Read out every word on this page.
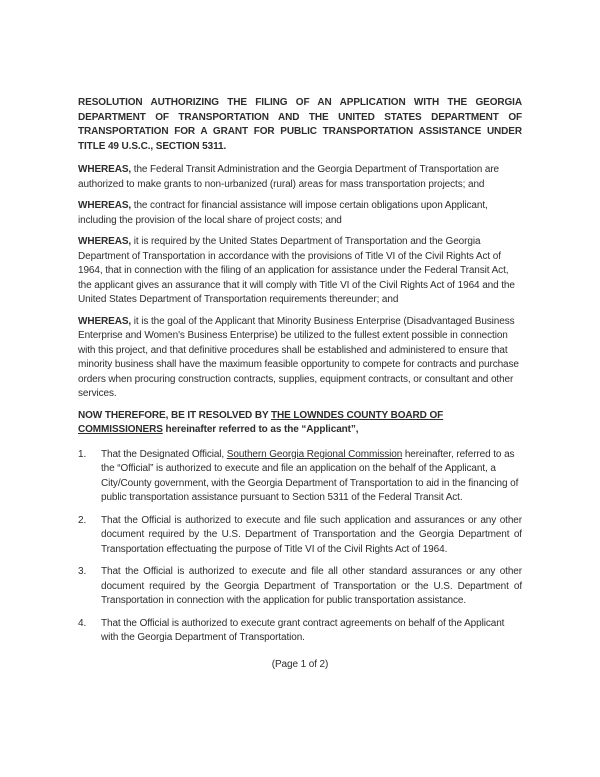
RESOLUTION AUTHORIZING THE FILING OF AN APPLICATION WITH THE GEORGIA DEPARTMENT OF TRANSPORTATION AND THE UNITED STATES DEPARTMENT OF TRANSPORTATION FOR A GRANT FOR PUBLIC TRANSPORTATION ASSISTANCE UNDER TITLE 49 U.S.C., SECTION 5311.

WHEREAS, the Federal Transit Administration and the Georgia Department of Transportation are authorized to make grants to non-urbanized (rural) areas for mass transportation projects; and

WHEREAS, the contract for financial assistance will impose certain obligations upon Applicant, including the provision of the local share of project costs; and

WHEREAS, it is required by the United States Department of Transportation and the Georgia Department of Transportation in accordance with the provisions of Title VI of the Civil Rights Act of 1964, that in connection with the filing of an application for assistance under the Federal Transit Act, the applicant gives an assurance that it will comply with Title VI of the Civil Rights Act of 1964 and the United States Department of Transportation requirements thereunder; and

WHEREAS, it is the goal of the Applicant that Minority Business Enterprise (Disadvantaged Business Enterprise and Women's Business Enterprise) be utilized to the fullest extent possible in connection with this project, and that definitive procedures shall be established and administered to ensure that minority business shall have the maximum feasible opportunity to compete for contracts and purchase orders when procuring construction contracts, supplies, equipment contracts, or consultant and other services.

NOW THEREFORE, BE IT RESOLVED BY THE LOWNDES COUNTY BOARD OF COMMISSIONERS hereinafter referred to as the “Applicant”,

1.	That the Designated Official, Southern Georgia Regional Commission hereinafter, referred to as the “Official” is authorized to execute and file an application on the behalf of the Applicant, a City/County government, with the Georgia Department of Transportation to aid in the financing of public transportation assistance pursuant to Section 5311 of the Federal Transit Act.
2.	That the Official is authorized to execute and file such application and assurances or any other document required by the U.S. Department of Transportation and the Georgia Department of Transportation effectuating the purpose of Title VI of the Civil Rights Act of 1964.
3.	That the Official is authorized to execute and file all other standard assurances or any other document required by the Georgia Department of Transportation or the U.S. Department of Transportation in connection with the application for public transportation assistance.
4.	That the Official is authorized to execute grant contract agreements on behalf of the Applicant with the Georgia Department of Transportation.

(Page 1 of 2)
